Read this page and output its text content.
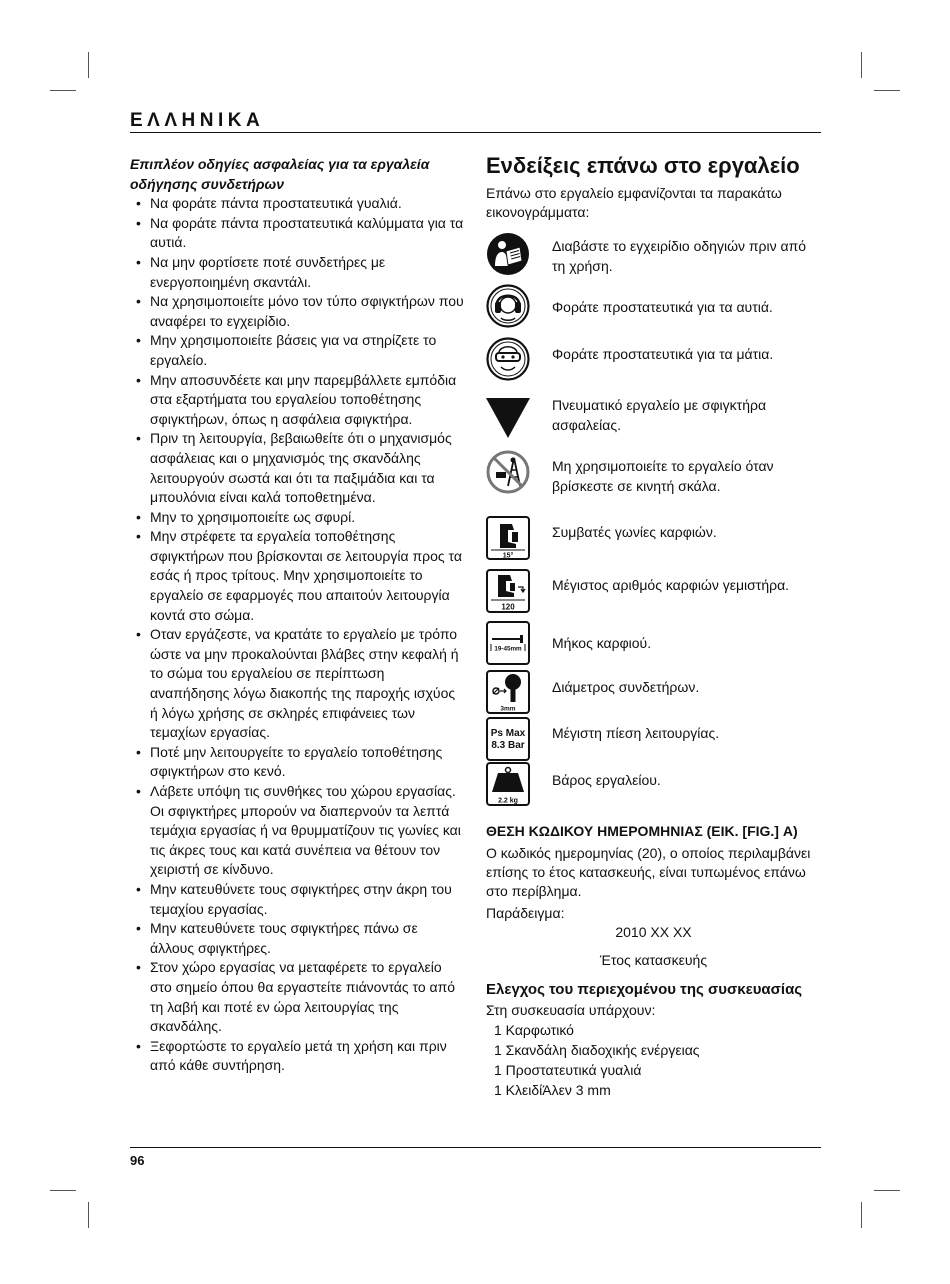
ΕΛΛΗΝΙΚΑ
Επιπλέον οδηγίες ασφαλείας για τα εργαλεία οδήγησης συνδετήρων
• Να φοράτε πάντα προστατευτικά γυαλιά.
• Να φοράτε πάντα προστατευτικά καλύμματα για τα αυτιά.
• Να μην φορτίσετε ποτέ συνδετήρες με ενεργοποιημένη σκαντάλι.
• Να χρησιμοποιείτε μόνο τον τύπο σφιγκτήρων που αναφέρει το εγχειρίδιο.
• Μην χρησιμοποιείτε βάσεις για να στηρίζετε το εργαλείο.
• Μην αποσυνδέετε και μην παρεμβάλλετε εμπόδια στα εξαρτήματα του εργαλείου τοποθέτησης σφιγκτήρων, όπως η ασφάλεια σφιγκτήρα.
• Πριν τη λειτουργία, βεβαιωθείτε ότι ο μηχανισμός ασφάλειας και ο μηχανισμός της σκανδάλης λειτουργούν σωστά και ότι τα παξιμάδια και τα μπουλόνια είναι καλά τοποθετημένα.
• Μην το χρησιμοποιείτε ως σφυρί.
• Μην στρέφετε τα εργαλεία τοποθέτησης σφιγκτήρων που βρίσκονται σε λειτουργία προς τα εσάς ή προς τρίτους. Μην χρησιμοποιείτε το εργαλείο σε εφαρμογές που απαιτούν λειτουργία κοντά στο σώμα.
• Οταν εργάζεστε, να κρατάτε το εργαλείο με τρόπο ώστε να μην προκαλούνται βλάβες στην κεφαλή ή το σώμα του εργαλείου σε περίπτωση αναπήδησης λόγω διακοπής της παροχής ισχύος ή λόγω χρήσης σε σκληρές επιφάνειες των τεμαχίων εργασίας.
• Ποτέ μην λειτουργείτε το εργαλείο τοποθέτησης σφιγκτήρων στο κενό.
• Λάβετε υπόψη τις συνθήκες του χώρου εργασίας. Οι σφιγκτήρες μπορούν να διαπερνούν τα λεπτά τεμάχια εργασίας ή να θρυμματίζουν τις γωνίες και τις άκρες τους και κατά συνέπεια να θέτουν τον χειριστή σε κίνδυνο.
• Μην κατευθύνετε τους σφιγκτήρες στην άκρη του τεμαχίου εργασίας.
• Μην κατευθύνετε τους σφιγκτήρες πάνω σε άλλους σφιγκτήρες.
• Στον χώρο εργασίας να μεταφέρετε το εργαλείο στο σημείο όπου θα εργαστείτε πιάνοντάς το από τη λαβή και ποτέ εν ώρα λειτουργίας της σκανδάλης.
• Ξεφορτώστε το εργαλείο μετά τη χρήση και πριν από κάθε συντήρηση.
Ενδείξεις επάνω στο εργαλείο
Επάνω στο εργαλείο εμφανίζονται τα παρακάτω εικονογράμματα:
Διαβάστε το εγχειρίδιο οδηγιών πριν από τη χρήση.
Φοράτε προστατευτικά για τα αυτιά.
Φοράτε προστατευτικά για τα μάτια.
Πνευματικό εργαλείο με σφιγκτήρα ασφαλείας.
Μη χρησιμοποιείτε το εργαλείο όταν βρίσκεστε σε κινητή σκάλα.
15°
Συμβατές γωνίες καρφιών.
120
Μέγιστος αριθμός καρφιών γεμιστήρα.
19-45mm Μήκος καρφιού.
3mm
Διάμετρος συνδετήρων.
Ps Max
8.3 Bar
Μέγιστη πίεση λειτουργίας.
2.2 kg
Βάρος εργαλείου.
ΘΕΣΗ ΚΩΔΙΚΟΥ ΗΜΕΡΟΜΗΝΙΑΣ (ΕΙΚ. [FIG.] A)
Ο κωδικός ημερομηνίας (20), ο οποίος περιλαμβάνει επίσης το έτος κατασκευής, είναι τυπωμένος επάνω στο περίβλημα.
Παράδειγμα:
2010 XX XX
Έτος κατασκευής
Ελεγχος του περιεχομένου της συσκευασίας
Στη συσκευασία υπάρχουν:
1 Καρφωτικό
1 Σκανδάλη διαδοχικής ενέργειας
1 Προστατευτικά γυαλιά
1 ΚλειδίΆλεν 3 mm
96
